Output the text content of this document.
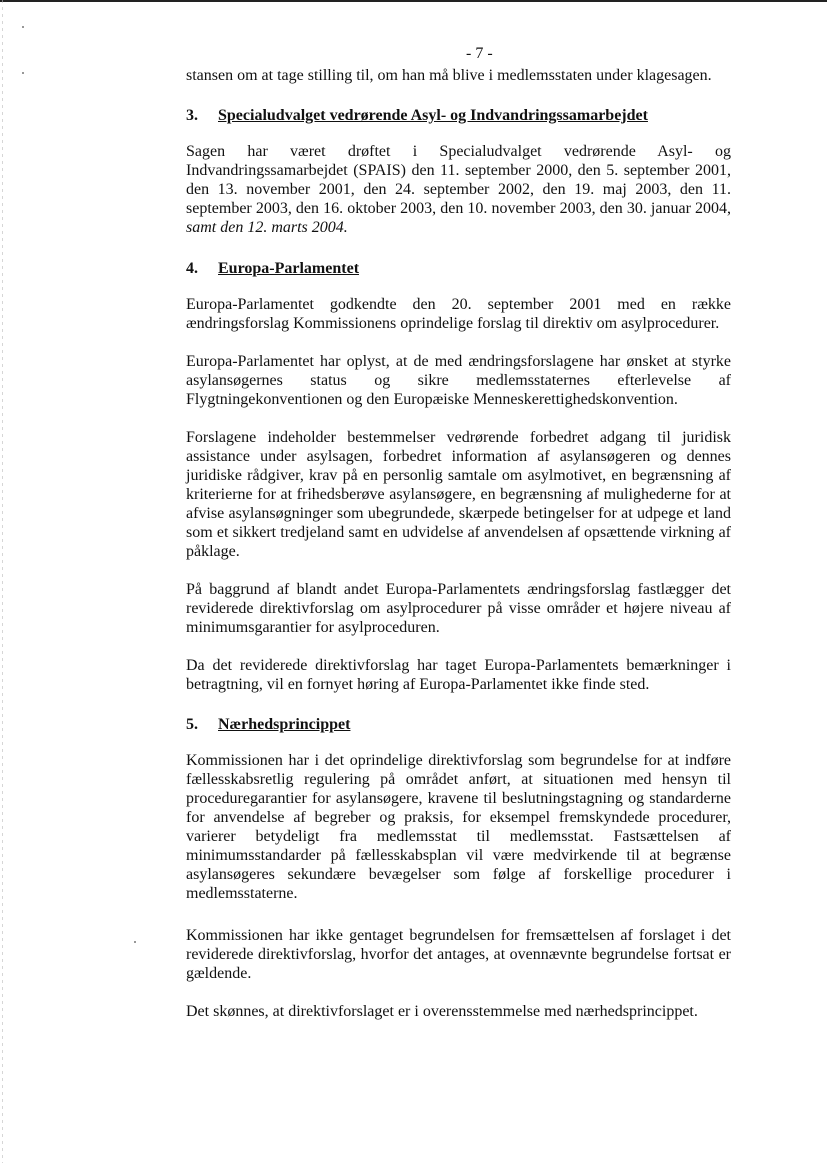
- 7 -

stansen om at tage stilling til, om han må blive i medlemsstaten under klagesagen.

3.	Specialudvalget vedrørende Asyl- og Indvandringssamarbejdet

Sagen har været drøftet i Specialudvalget vedrørende Asyl- og Indvandringssamarbejdet (SPAIS) den 11. september 2000, den 5. september 2001, den 13. november 2001, den 24. september 2002, den 19. maj 2003, den 11. september 2003, den 16. oktober 2003, den 10. november 2003, den 30. januar 2004, samt den 12. marts 2004.

4.	Europa-Parlamentet

Europa-Parlamentet godkendte den 20. september 2001 med en række ændringsforslag Kommissionens oprindelige forslag til direktiv om asylprocedurer.

Europa-Parlamentet har oplyst, at de med ændringsforslagene har ønsket at styrke asylansøgernes status og sikre medlemsstaternes efterlevelse af Flygtningekonventionen og den Europæiske Menneskerettighedskonvention.

Forslagene indeholder bestemmelser vedrørende forbedret adgang til juridisk assistance under asylsagen, forbedret information af asylansøgeren og dennes juridiske rådgiver, krav på en personlig samtale om asylmotivet, en begrænsning af kriterierne for at frihedsberøve asylansøgere, en begrænsning af mulighederne for at afvise asylansøgninger som ubegrundede, skærpede betingelser for at udpege et land som et sikkert tredjeland samt en udvidelse af anvendelsen af opsættende virkning af påklage.

På baggrund af blandt andet Europa-Parlamentets ændringsforslag fastlægger det reviderede direktivforslag om asylprocedurer på visse områder et højere niveau af minimumsgarantier for asylproceduren.

Da det reviderede direktivforslag har taget Europa-Parlamentets bemærkninger i betragtning, vil en fornyet høring af Europa-Parlamentet ikke finde sted.

5.	Nærhedsprincippet

Kommissionen har i det oprindelige direktivforslag som begrundelse for at indføre fællesskabsretlig regulering på området anført, at situationen med hensyn til proceduregarantier for asylansøgere, kravene til beslutningstagning og standarderne for anvendelse af begreber og praksis, for eksempel fremskyndede procedurer, varierer betydeligt fra medlemsstat til medlemsstat. Fastsættelsen af minimumsstandarder på fællesskabsplan vil være medvirkende til at begrænse asylansøgeres sekundære bevægelser som følge af forskellige procedurer i medlemsstaterne.

Kommissionen har ikke gentaget begrundelsen for fremsættelsen af forslaget i det reviderede direktivforslag, hvorfor det antages, at ovennævnte begrundelse fortsat er gældende.

Det skønnes, at direktivforslaget er i overensstemmelse med nærhedsprincippet.
